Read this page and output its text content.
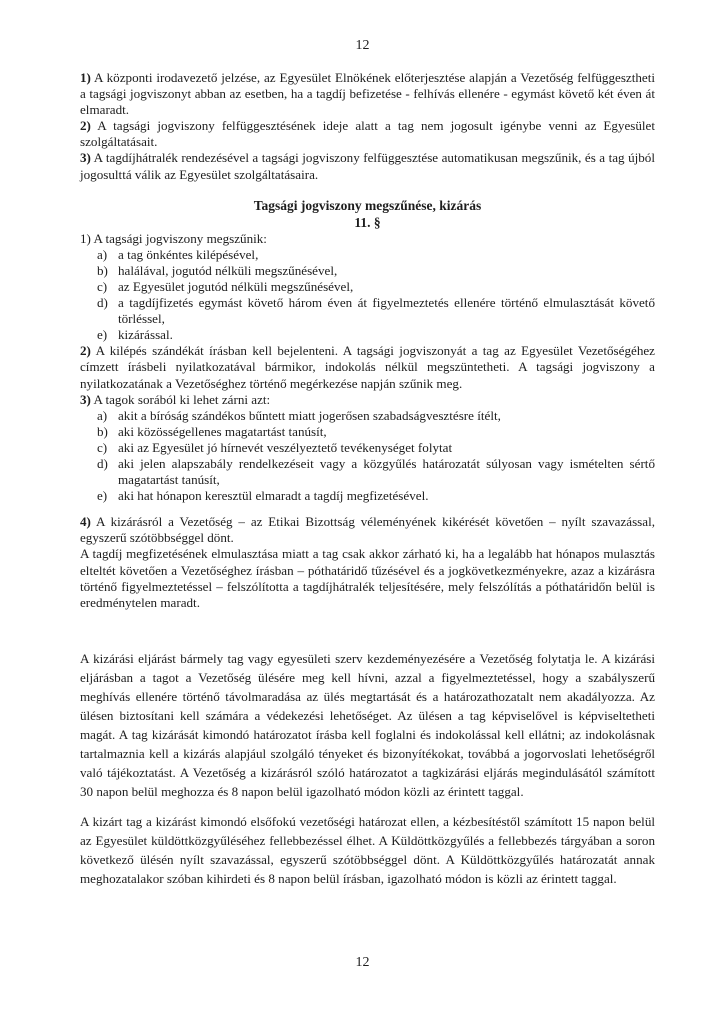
12

1) A központi irodavezető jelzése, az Egyesület Elnökének előterjesztése alapján a Vezetőség felfüggesztheti a tagsági jogviszonyt abban az esetben, ha a tagdíj befizetése - felhívás ellenére - egymást követő két éven át elmaradt.

2) A tagsági jogviszony felfüggesztésének ideje alatt a tag nem jogosult igénybe venni az Egyesület szolgáltatásait.

3) A tagdíjhátralék rendezésével a tagsági jogviszony felfüggesztése automatikusan megszűnik, és a tag újból jogosulttá válik az Egyesület szolgáltatásaira.

Tagsági jogviszony megszűnése, kizárás

11. §

1) A tagsági jogviszony megszűnik:

a) a tag önkéntes kilépésével,
b) halálával, jogutód nélküli megszűnésével,
c) az Egyesület jogutód nélküli megszűnésével,
d) a tagdíjfizetés egymást követő három éven át figyelmeztetés ellenére történő elmulasztását követő törléssel,
e) kizárással.

2) A kilépés szándékát írásban kell bejelenteni. A tagsági jogviszonyát a tag az Egyesület Vezetőségéhez címzett írásbeli nyilatkozatával bármikor, indokolás nélkül megszüntetheti. A tagsági jogviszony a nyilatkozatának a Vezetőséghez történő megérkezése napján szűnik meg.

3) A tagok sorából ki lehet zárni azt:

a) akit a bíróság szándékos bűntett miatt jogerősen szabadságvesztésre ítélt,
b) aki közösségellenes magatartást tanúsít,
c) aki az Egyesület jó hírnevét veszélyeztető tevékenységet folytat
d) aki jelen alapszabály rendelkezéseit vagy a közgyűlés határozatát súlyosan vagy ismételten sértő magatartást tanúsít,
e) aki hat hónapon keresztül elmaradt a tagdíj megfizetésével.

4) A kizárásról a Vezetőség – az Etikai Bizottság véleményének kikérését követően – nyílt szavazással, egyszerű szótöbbséggel dönt.

A tagdíj megfizetésének elmulasztása miatt a tag csak akkor zárható ki, ha a legalább hat hónapos mulasztás elteltét követően a Vezetőséghez írásban – póthatáridő tűzésével és a jogkövetkezményekre, azaz a kizárásra történő figyelmeztetéssel – felszólította a tagdíjhátralék teljesítésére, mely felszólítás a póthatáridőn belül is eredménytelen maradt.

A kizárási eljárást bármely tag vagy egyesületi szerv kezdeményezésére a Vezetőség folytatja le. A kizárási eljárásban a tagot a Vezetőség ülésére meg kell hívni, azzal a figyelmeztetéssel, hogy a szabályszerű meghívás ellenére történő távolmaradása az ülés megtartását és a határozathozatalt nem akadályozza. Az ülésen biztosítani kell számára a védekezési lehetőséget. Az ülésen a tag képviselővel is képviseltetheti magát. A tag kizárását kimondó határozatot írásba kell foglalni és indokolással kell ellátni; az indokolásnak tartalmaznia kell a kizárás alapjául szolgáló tényeket és bizonyítékokat, továbbá a jogorvoslati lehetőségről való tájékoztatást. A Vezetőség a kizárásról szóló határozatot a tagkizárási eljárás megindulásától számított 30 napon belül meghozza és 8 napon belül igazolható módon közli az érintett taggal.

A kizárt tag a kizárást kimondó elsőfokú vezetőségi határozat ellen, a kézbesítéstől számított 15 napon belül az Egyesület küldöttközgyűléséhez fellebbezéssel élhet. A Küldöttközgyűlés a fellebbezés tárgyában a soron következő ülésén nyílt szavazással, egyszerű szótöbbséggel dönt. A Küldöttközgyűlés határozatát annak meghozatalakor szóban kihirdeti és 8 napon belül írásban, igazolható módon is közli az érintett taggal.

12
